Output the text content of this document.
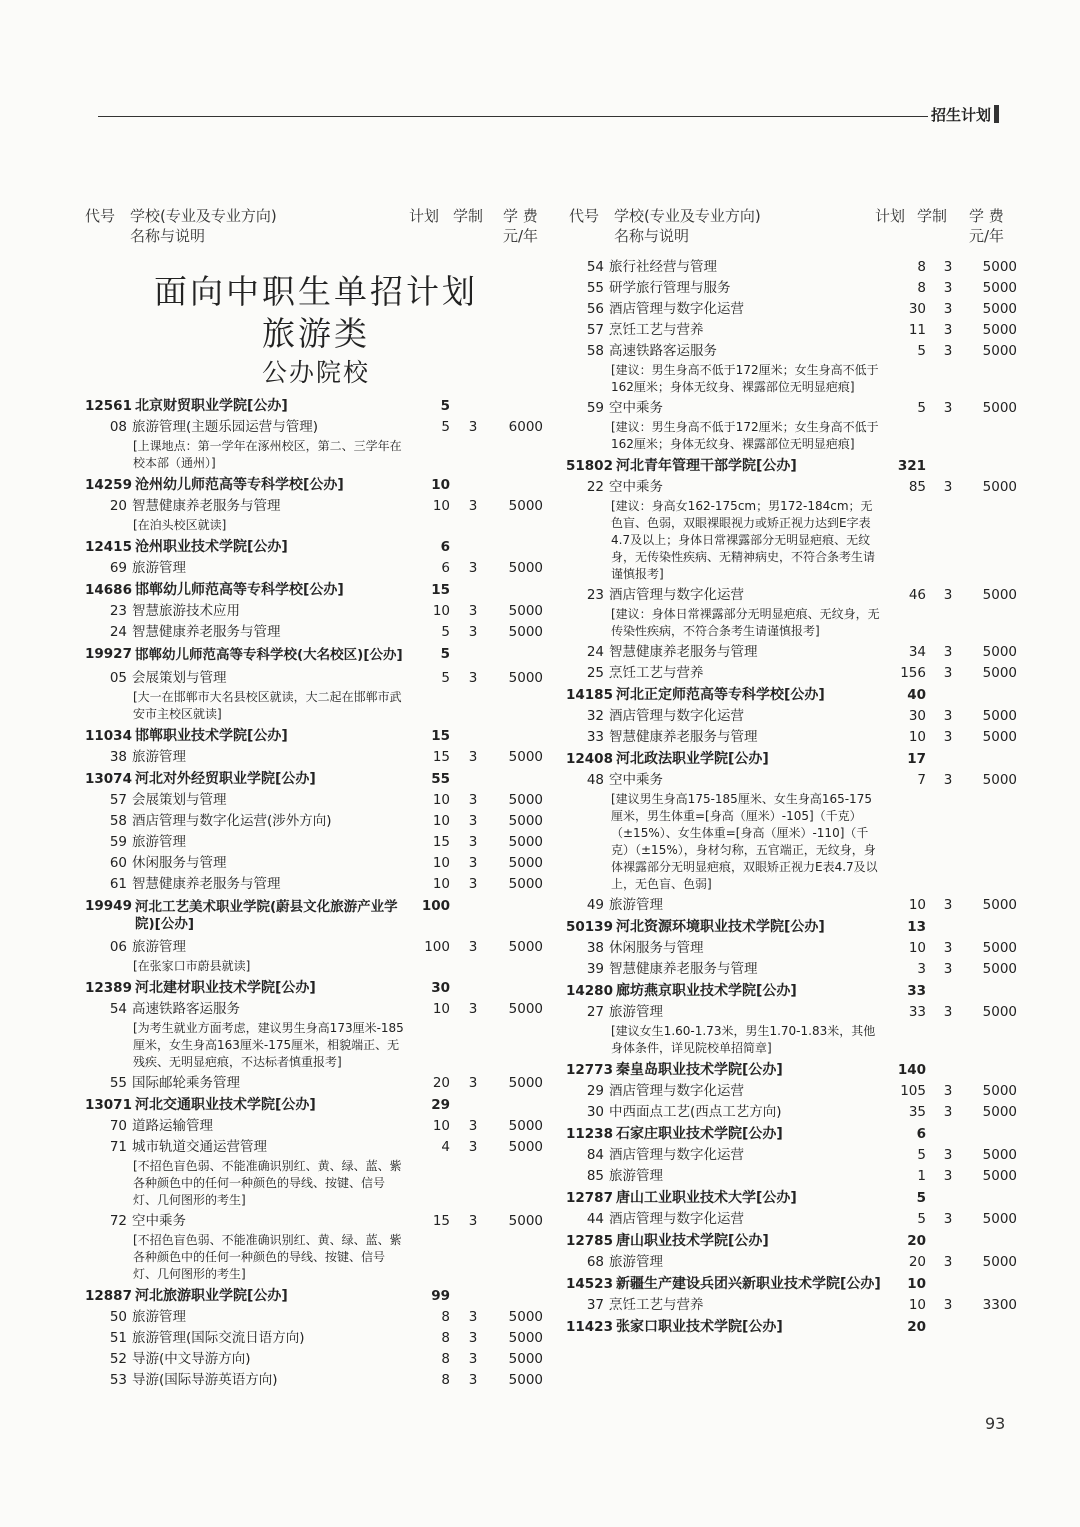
招生计划
代号 学校(专业及专业方向)
名称与说明
计划 学制 学 费
元/年
代号 学校(专业及专业方向)
名称与说明
计划 学制 学 费
元/年
面向中职生单招计划
旅游类
公办院校
12561 北京财贸职业学院[公办]	5
08 旅游管理(主题乐园运营与管理)	5	3	6000
[上课地点：第一学年在涿州校区，第二、三学年在校本部（通州）]
14259 沧州幼儿师范高等专科学校[公办]	10
20 智慧健康养老服务与管理	10	3	5000
[在泊头校区就读]
12415 沧州职业技术学院[公办]	6
69 旅游管理	6	3	5000
14686 邯郸幼儿师范高等专科学校[公办]	15
23 智慧旅游技术应用	10	3	5000
24 智慧健康养老服务与管理	5	3	5000
19927 邯郸幼儿师范高等专科学校(大名校区)[公办]	5
05 会展策划与管理	5	3	5000
[大一在邯郸市大名县校区就读，大二起在邯郸市武安市主校区就读]
11034 邯郸职业技术学院[公办]	15
38 旅游管理	15	3	5000
13074 河北对外经贸职业学院[公办]	55
57 会展策划与管理	10	3	5000
58 酒店管理与数字化运营(涉外方向)	10	3	5000
59 旅游管理	15	3	5000
60 休闲服务与管理	10	3	5000
61 智慧健康养老服务与管理	10	3	5000
19949 河北工艺美术职业学院(蔚县文化旅游产业学院)[公办]
100
06 旅游管理	100	3	5000
[在张家口市蔚县就读]
12389 河北建材职业技术学院[公办]	30
54 高速铁路客运服务	10	3	5000
[为考生就业方面考虑，建议男生身高173厘米-185厘米，女生身高163厘米-175厘米，相貌端正、无残疾、无明显疤痕，不达标者慎重报考]
55 国际邮轮乘务管理	20	3	5000
13071 河北交通职业技术学院[公办]	29
70 道路运输管理	10	3	5000
71 城市轨道交通运营管理	4	3	5000
[不招色盲色弱、不能准确识别红、黄、绿、蓝、紫各种颜色中的任何一种颜色的导线、按键、信号灯、几何图形的考生]
72 空中乘务	15	3	5000
[不招色盲色弱、不能准确识别红、黄、绿、蓝、紫各种颜色中的任何一种颜色的导线、按键、信号灯、几何图形的考生]
12887 河北旅游职业学院[公办]	99
50 旅游管理	8	3	5000
51 旅游管理(国际交流日语方向)	8	3	5000
52 导游(中文导游方向)	8	3	5000
53 导游(国际导游英语方向)	8	3	5000
54 旅行社经营与管理	8	3	5000
55 研学旅行管理与服务	8	3	5000
56 酒店管理与数字化运营	30	3	5000
57 烹饪工艺与营养	11	3	5000
58 高速铁路客运服务	5	3	5000
[建议：男生身高不低于172厘米；女生身高不低于162厘米；身体无纹身、裸露部位无明显疤痕]
59 空中乘务	5	3	5000
[建议：男生身高不低于172厘米；女生身高不低于162厘米；身体无纹身、裸露部位无明显疤痕]
51802 河北青年管理干部学院[公办]	321
22 空中乘务	85	3	5000
[建议：身高女162-175cm；男172-184cm；无色盲、色弱，双眼裸眼视力或矫正视力达到E字表4.7及以上；身体日常裸露部分无明显疤痕、无纹身，无传染性疾病、无精神病史，不符合条考生请谨慎报考]
23 酒店管理与数字化运营	46	3	5000
[建议：身体日常裸露部分无明显疤痕、无纹身，无传染性疾病，不符合条考生请谨慎报考]
24 智慧健康养老服务与管理	34	3	5000
25 烹饪工艺与营养	156	3	5000
14185 河北正定师范高等专科学校[公办]	40
32 酒店管理与数字化运营	30	3	5000
33 智慧健康养老服务与管理	10	3	5000
12408 河北政法职业学院[公办]	17
48 空中乘务	7	3	5000
[建议男生身高175-185厘米、女生身高165-175厘米，男生体重=[身高（厘米）-105]（千克）（±15%）、女生体重=[身高（厘米）-110]（千克）（±15%），身材匀称，五官端正，无纹身，身体裸露部分无明显疤痕，双眼矫正视力E表4.7及以上，无色盲、色弱]
49 旅游管理	10	3	5000
50139 河北资源环境职业技术学院[公办]	13
38 休闲服务与管理	10	3	5000
39 智慧健康养老服务与管理	3	3	5000
14280 廊坊燕京职业技术学院[公办]	33
27 旅游管理	33	3	5000
[建议女生1.60-1.73米，男生1.70-1.83米，其他身体条件，详见院校单招简章]
12773 秦皇岛职业技术学院[公办]	140
29 酒店管理与数字化运营	105	3	5000
30 中西面点工艺(西点工艺方向)	35	3	5000
11238 石家庄职业技术学院[公办]	6
84 酒店管理与数字化运营	5	3	5000
85 旅游管理	1	3	5000
12787 唐山工业职业技术大学[公办]	5
44 酒店管理与数字化运营	5	3	5000
12785 唐山职业技术学院[公办]	20
68 旅游管理	20	3	5000
14523 新疆生产建设兵团兴新职业技术学院[公办]	10
37 烹饪工艺与营养	10	3	3300
11423 张家口职业技术学院[公办]	20
93
